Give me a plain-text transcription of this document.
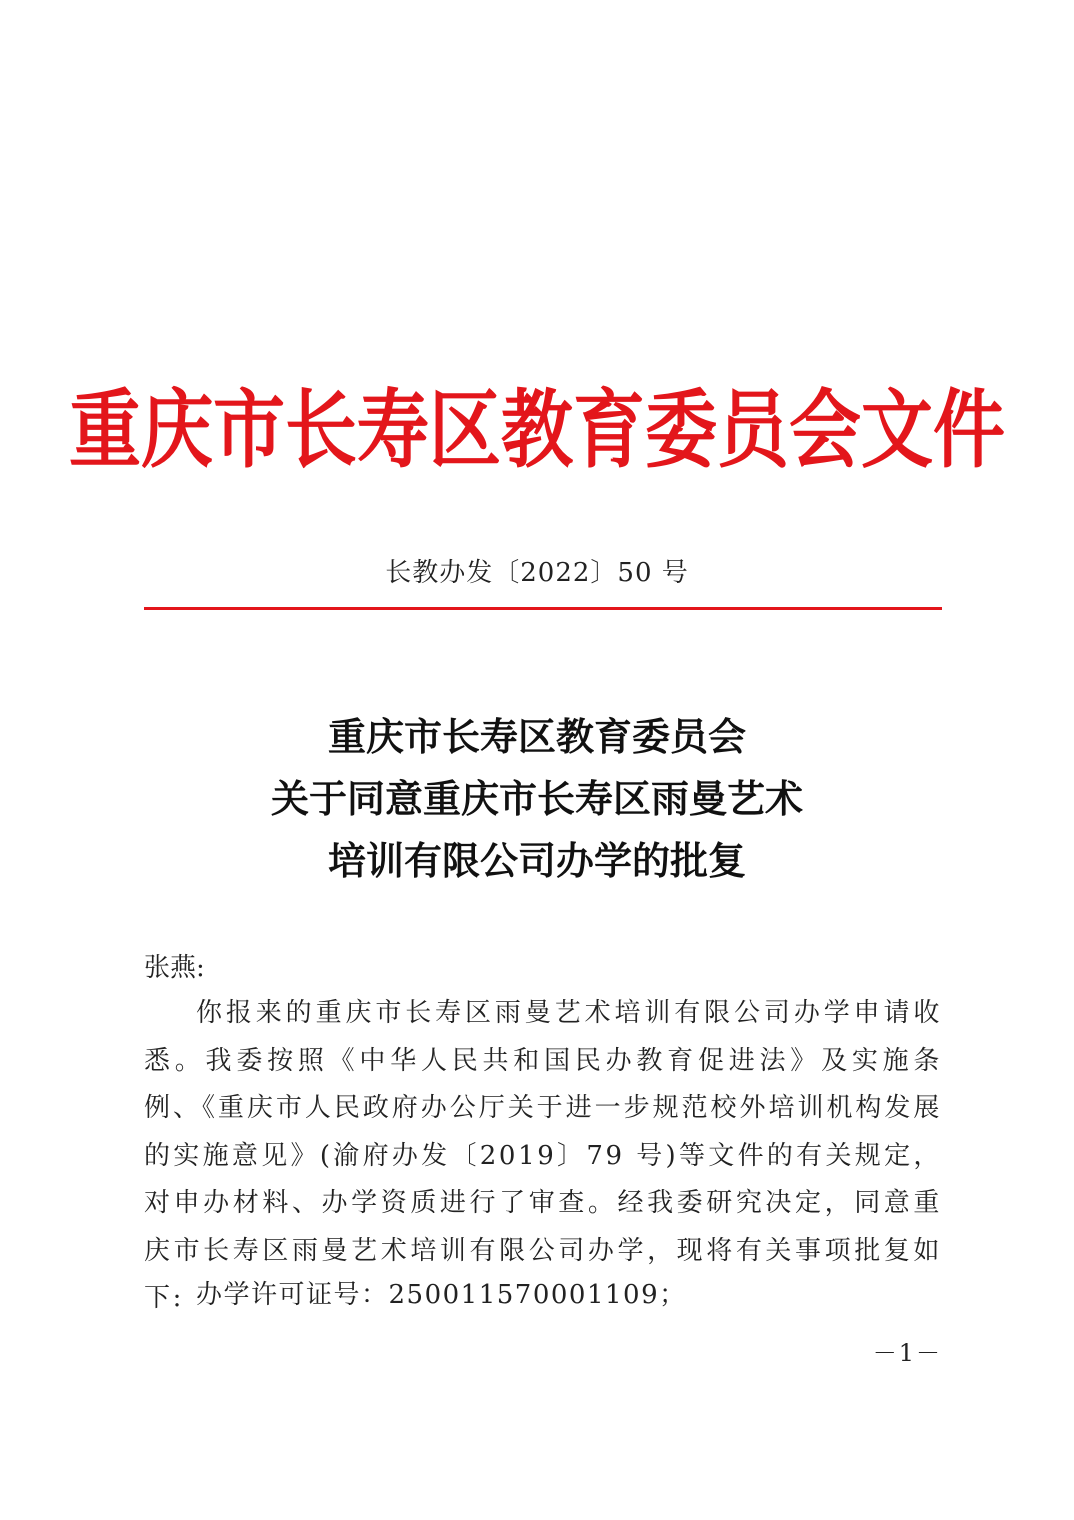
重庆市长寿区教育委员会文件
长教办发〔2022〕50 号
重庆市长寿区教育委员会
关于同意重庆市长寿区雨曼艺术
培训有限公司办学的批复
张燕:
你报来的重庆市长寿区雨曼艺术培训有限公司办学申请收悉。我委按照《中华人民共和国民办教育促进法》及实施条例、《重庆市人民政府办公厅关于进一步规范校外培训机构发展的实施意见》(渝府办发〔2019〕79 号)等文件的有关规定，对申办材料、办学资质进行了审查。经我委研究决定，同意重庆市长寿区雨曼艺术培训有限公司办学，现将有关事项批复如下: 办学许可证号：250011570001109；
－1－
